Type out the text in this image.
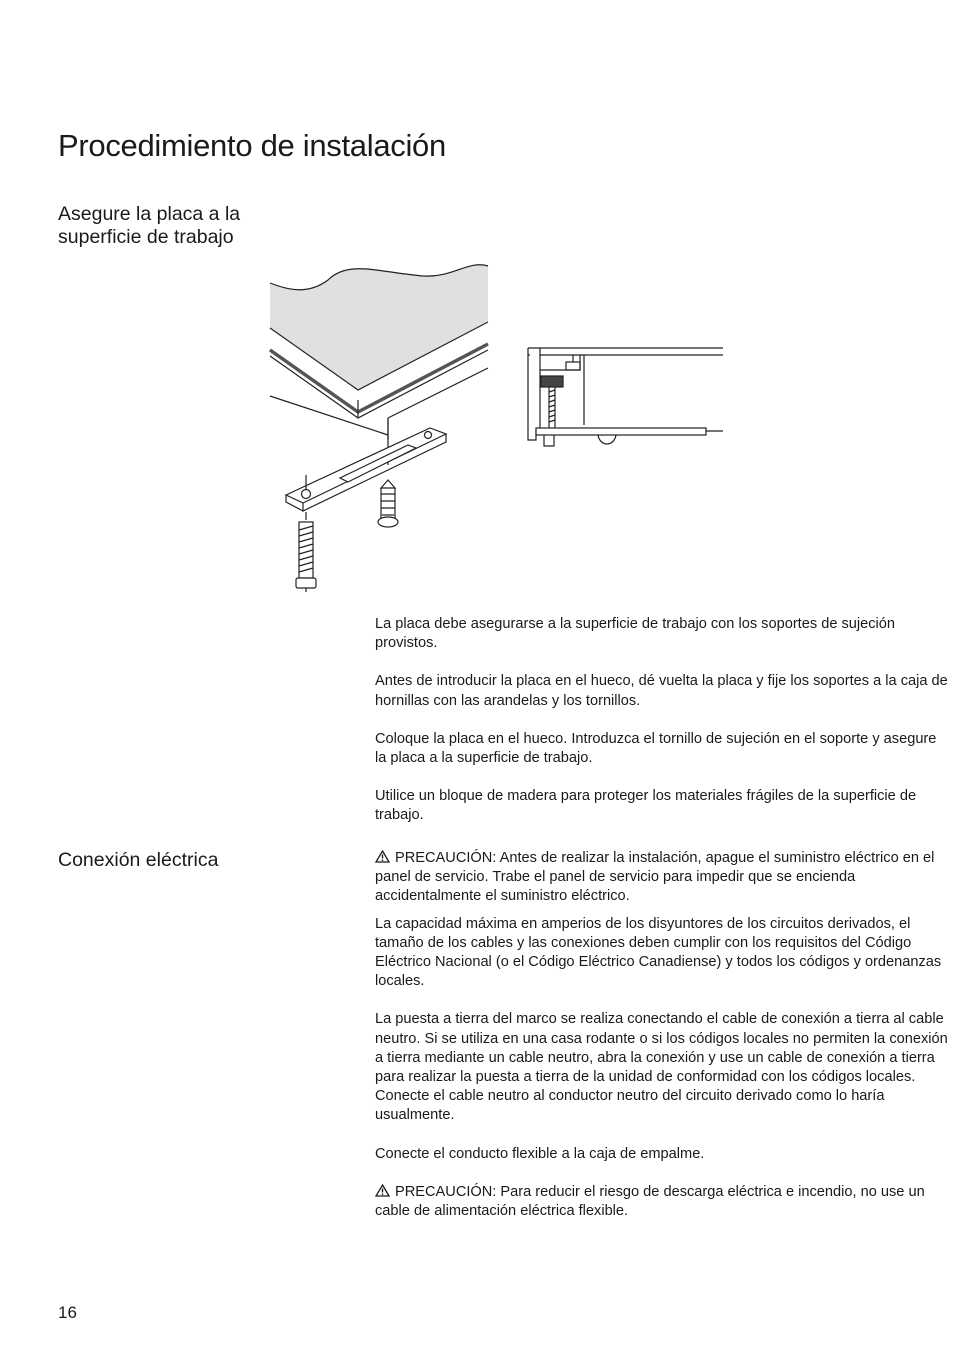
Procedimiento de instalación
Asegure la placa a la superficie de trabajo

La placa debe asegurarse a la superficie de trabajo con los soportes de sujeción provistos.

Antes de introducir la placa en el hueco, dé vuelta la placa y fije los soportes a la caja de hornillas con las arandelas y los tornillos.

Coloque la placa en el hueco. Introduzca el tornillo de sujeción en el soporte y asegure la placa a la superficie de trabajo.

Utilice un bloque de madera para proteger los materiales frágiles de la superficie de trabajo.

Conexión eléctrica	PRECAUCIÓN: Antes de realizar la instalación, apague el suministro eléctrico en el panel de servicio. Trabe el panel de servicio para impedir que se encienda accidentalmente el suministro eléctrico.

La capacidad máxima en amperios de los disyuntores de los circuitos derivados, el tamaño de los cables y las conexiones deben cumplir con los requisitos del Código Eléctrico Nacional (o el Código Eléctrico Canadiense) y todos los códigos y ordenanzas locales.

La puesta a tierra del marco se realiza conectando el cable de conexión a tierra al cable neutro. Si se utiliza en una casa rodante o si los códigos locales no permiten la conexión a tierra mediante un cable neutro, abra la conexión y use un cable de conexión a tierra para realizar la puesta a tierra de la unidad de conformidad con los códigos locales. Conecte el cable neutro al conductor neutro del circuito derivado como lo haría usualmente.

Conecte el conducto flexible a la caja de empalme.

PRECAUCIÓN: Para reducir el riesgo de descarga eléctrica e incendio, no use un cable de alimentación eléctrica flexible.

16
